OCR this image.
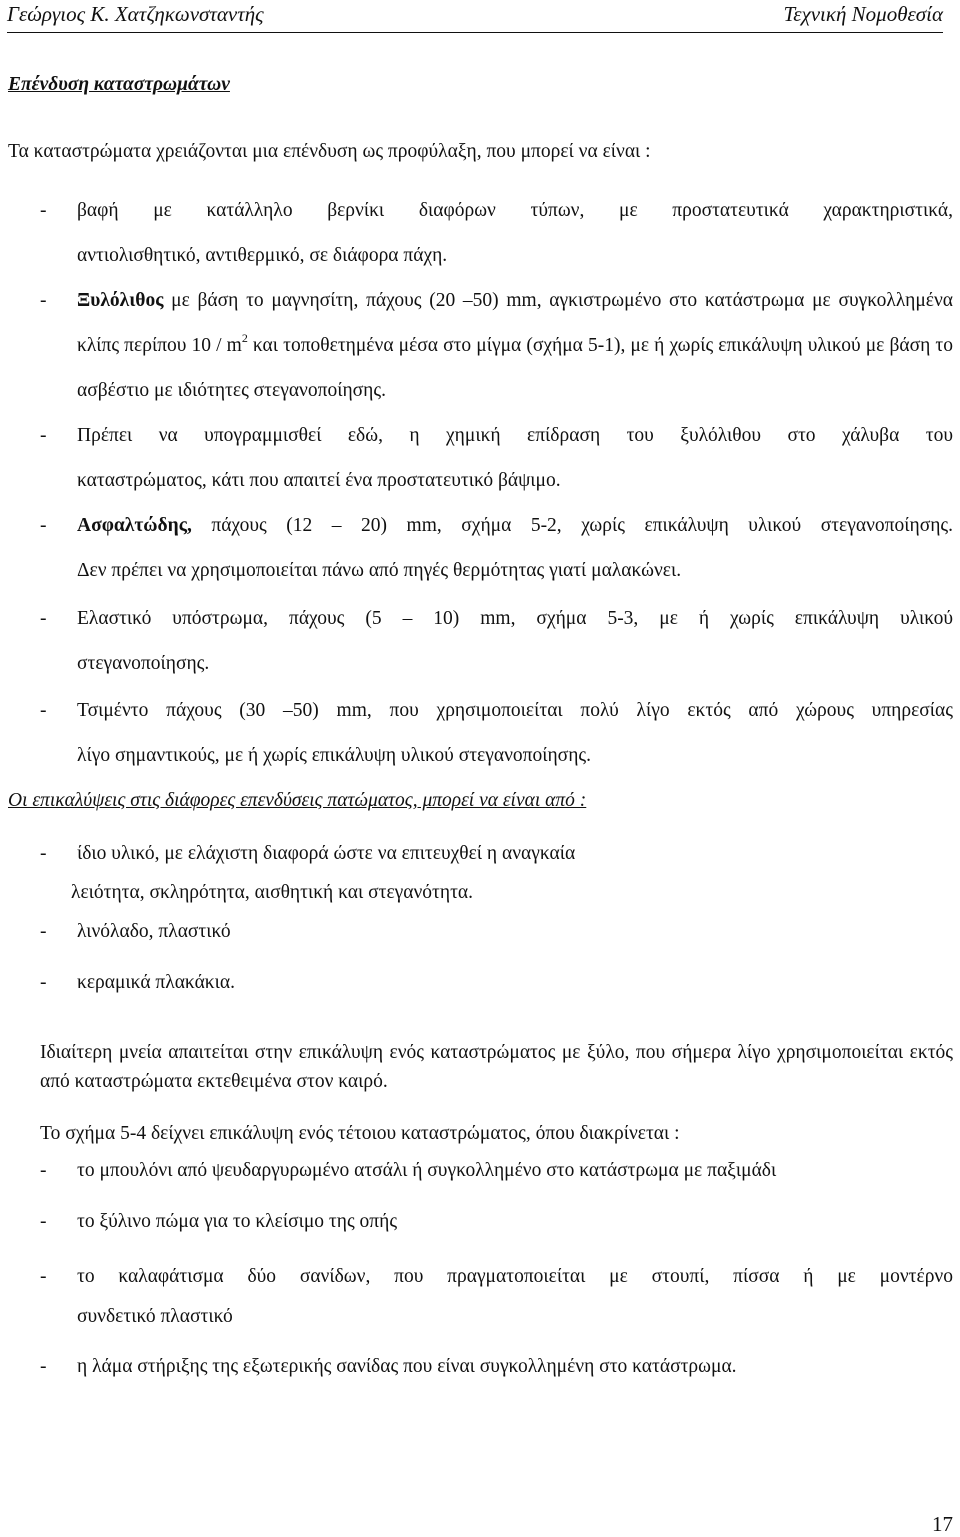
Γεώργιος Κ. Χατζηκωνσταντής	Τεχνική Νομοθεσία
Επένδυση καταστρωμάτων
Τα καταστρώματα χρειάζονται μια επένδυση ως προφύλαξη, που μπορεί να είναι :
- βαφή με κατάλληλο βερνίκι διαφόρων τύπων, με προστατευτικά χαρακτηριστικά,
αντιολισθητικό, αντιθερμικό, σε διάφορα πάχη.
- Ξυλόλιθος με βάση το μαγνησίτη, πάχους (20 –50) mm, αγκιστρωμένο στο κατάστρωμα με συγκολλημένα κλίπς περίπου $10 / m^2$ και τοποθετημένα μέσα στο μίγμα (σχήμα 5-1), με ή χωρίς επικάλυψη υλικού με βάση το ασβέστιο με ιδιότητες στεγανοποίησης.
- Πρέπει να υπογραμμισθεί εδώ, η χημική επίδραση του ξυλόλιθου στο χάλυβα του
καταστρώματος, κάτι που απαιτεί ένα προστατευτικό βάψιμο.
- Ασφαλτώδης, πάχους (12 – 20) mm, σχήμα 5-2, χωρίς επικάλυψη υλικού στεγανοποίησης.
Δεν πρέπει να χρησιμοποιείται πάνω από πηγές θερμότητας γιατί μαλακώνει.
- Ελαστικό υπόστρωμα, πάχους (5 – 10) mm, σχήμα 5-3, με ή χωρίς επικάλυψη υλικού
στεγανοποίησης.
- Τσιμέντο πάχους (30 –50) mm, που χρησιμοποιείται πολύ λίγο εκτός από χώρους υπηρεσίας
λίγο σημαντικούς, με ή χωρίς επικάλυψη υλικού στεγανοποίησης.
Οι επικαλύψεις στις διάφορες επενδύσεις πατώματος, μπορεί να είναι από :
- ίδιο υλικό, με ελάχιστη διαφορά ώστε να επιτευχθεί η αναγκαία
λειότητα, σκληρότητα, αισθητική και στεγανότητα.
- λινόλαδο, πλαστικό
- κεραμικά πλακάκια.
Ιδιαίτερη μνεία απαιτείται στην επικάλυψη ενός καταστρώματος με ξύλο, που σήμερα λίγο χρησιμοποιείται εκτός από καταστρώματα εκτεθειμένα στον καιρό.
Το σχήμα 5-4 δείχνει επικάλυψη ενός τέτοιου καταστρώματος, όπου διακρίνεται :
- το μπουλόνι από ψευδαργυρωμένο ατσάλι ή συγκολλημένο στο κατάστρωμα με παξιμάδι
- το ξύλινο πώμα για το κλείσιμο της οπής
- το καλαφάτισμα δύο σανίδων, που πραγματοποιείται με στουπί, πίσσα ή με μοντέρνο
συνδετικό πλαστικό
- η λάμα στήριξης της εξωτερικής σανίδας που είναι συγκολλημένη στο κατάστρωμα.
17
